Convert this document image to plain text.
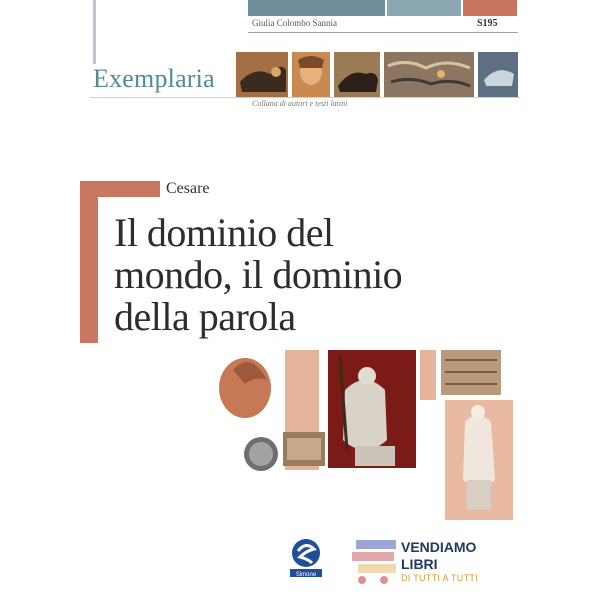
Giulia Colombo Sannia	S195
Exemplaria
Collana di autori e testi latini
Cesare
Il dominio del
mondo, il dominio
della parola
Simone
VENDIAMO
LIBRI
DI TUTTI A TUTTI
